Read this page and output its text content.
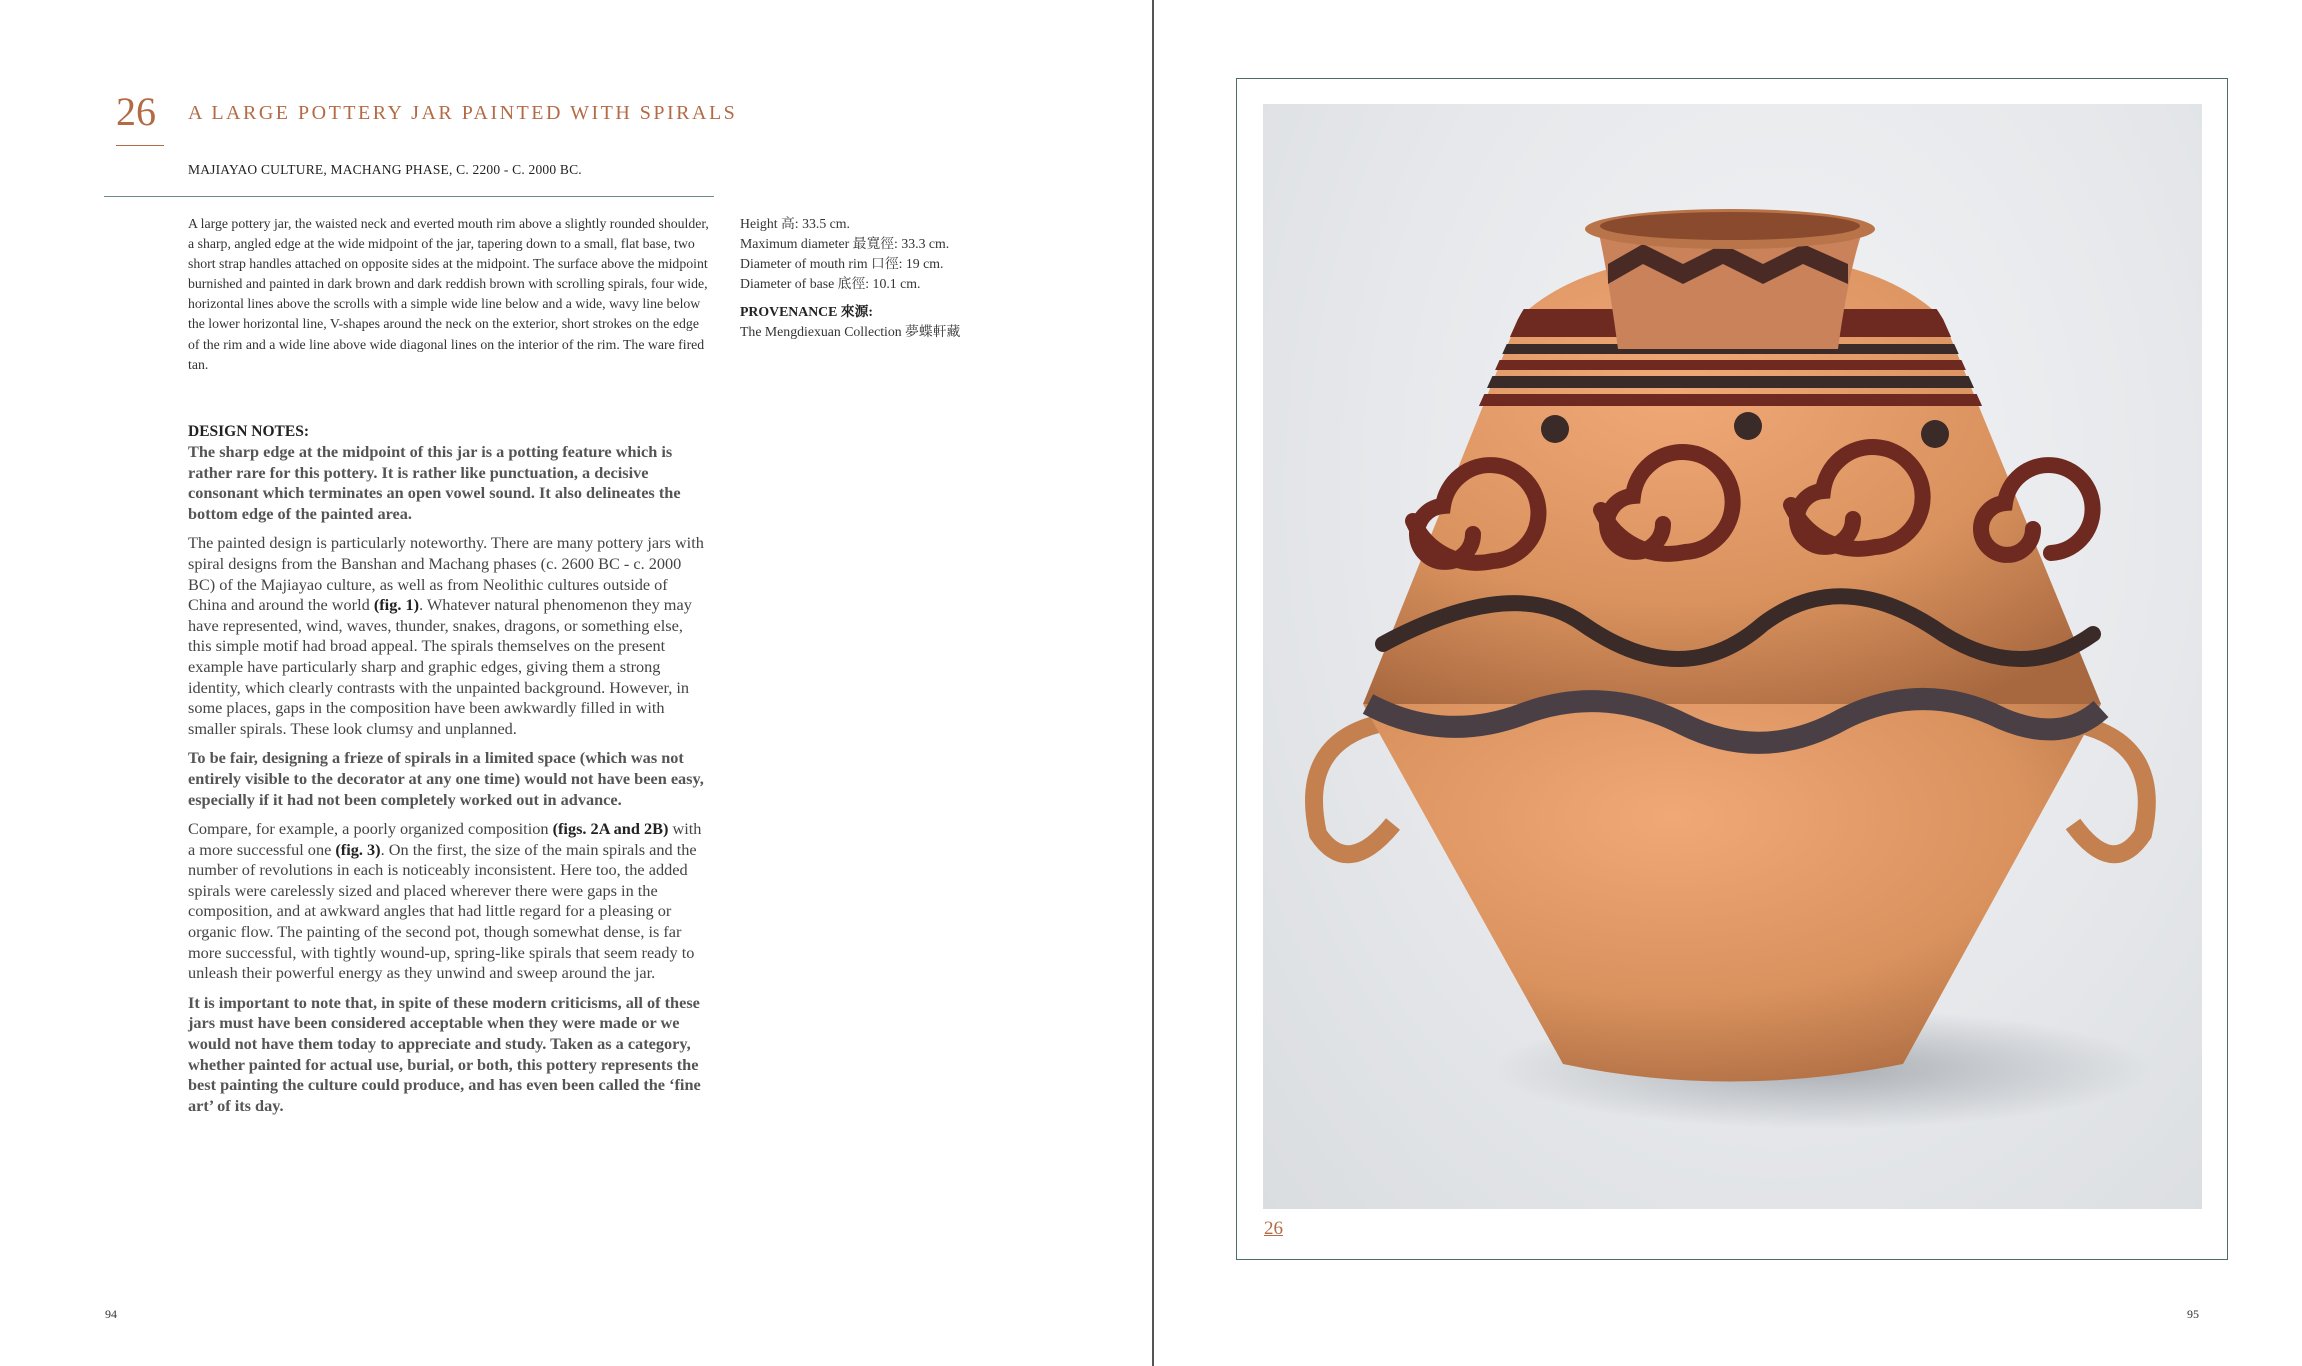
26 A LARGE POTTERY JAR PAINTED WITH SPIRALS
MAJIAYAO CULTURE, MACHANG PHASE, C. 2200 - C. 2000 BC.
A large pottery jar, the waisted neck and everted mouth rim above a slightly rounded shoulder, a sharp, angled edge at the wide midpoint of the jar, tapering down to a small, flat base, two short strap handles attached on opposite sides at the midpoint. The surface above the midpoint burnished and painted in dark brown and dark reddish brown with scrolling spirals, four wide, horizontal lines above the scrolls with a simple wide line below and a wide, wavy line below the lower horizontal line, V-shapes around the neck on the exterior, short strokes on the edge of the rim and a wide line above wide diagonal lines on the interior of the rim. The ware fired tan.
Height 高: 33.5 cm.
Maximum diameter 最寬徑: 33.3 cm.
Diameter of mouth rim 口徑: 19 cm.
Diameter of base 底徑: 10.1 cm.
PROVENANCE 來源:
The Mengdiexuan Collection 夢蝶軒藏
DESIGN NOTES:

The sharp edge at the midpoint of this jar is a potting feature which is rather rare for this pottery. It is rather like punctuation, a decisive consonant which terminates an open vowel sound. It also delineates the bottom edge of the painted area.

The painted design is particularly noteworthy. There are many pottery jars with spiral designs from the Banshan and Machang phases (c. 2600 BC - c. 2000 BC) of the Majiayao culture, as well as from Neolithic cultures outside of China and around the world (fig. 1). Whatever natural phenomenon they may have represented, wind, waves, thunder, snakes, dragons, or something else, this simple motif had broad appeal. The spirals themselves on the present example have particularly sharp and graphic edges, giving them a strong identity, which clearly contrasts with the unpainted background. However, in some places, gaps in the composition have been awkwardly filled in with smaller spirals. These look clumsy and unplanned.

To be fair, designing a frieze of spirals in a limited space (which was not entirely visible to the decorator at any one time) would not have been easy, especially if it had not been completely worked out in advance.

Compare, for example, a poorly organized composition (figs. 2A and 2B) with a more successful one (fig. 3). On the first, the size of the main spirals and the number of revolutions in each is noticeably inconsistent. Here too, the added spirals were carelessly sized and placed wherever there were gaps in the composition, and at awkward angles that had little regard for a pleasing or organic flow. The painting of the second pot, though somewhat dense, is far more successful, with tightly wound-up, spring-like spirals that seem ready to unleash their powerful energy as they unwind and sweep around the jar.

It is important to note that, in spite of these modern criticisms, all of these jars must have been considered acceptable when they were made or we would not have them today to appreciate and study. Taken as a category, whether painted for actual use, burial, or both, this pottery represents the best painting the culture could produce, and has even been called the ‘fine art’ of its day.

94
26
95
